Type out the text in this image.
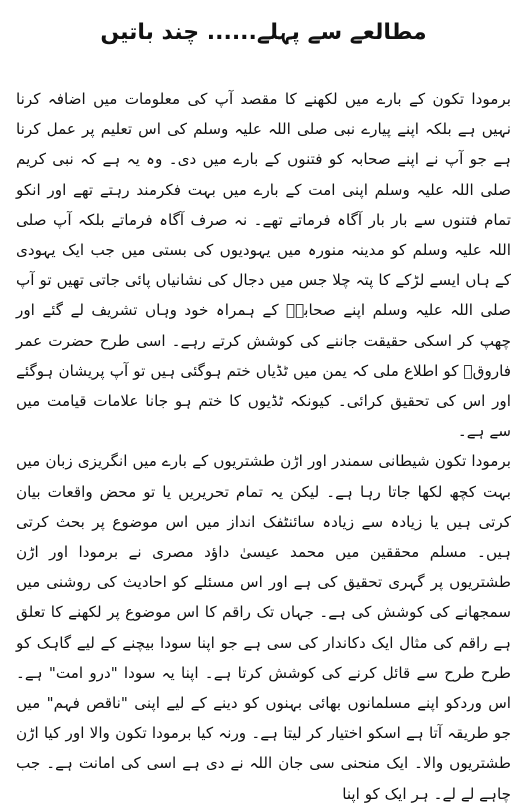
مطالعے سے پہلے...... چند باتیں

برمودا تکون کے بارے میں لکھنے کا مقصد آپ کی معلومات میں اضافہ کرنا نہیں ہے بلکہ اپنے پیارے نبی صلی اللہ علیہ وسلم کی اس تعلیم پر عمل کرنا ہے جو آپ نے اپنے صحابہ کو فتنوں کے بارے میں دی۔ وہ یہ ہے کہ نبی کریم صلی اللہ علیہ وسلم اپنی امت کے بارے میں بہت فکرمند رہتے تھے اور انکو تمام فتنوں سے بار بار آگاہ فرماتے تھے۔ نہ صرف آگاہ فرماتے بلکہ آپ صلی اللہ علیہ وسلم کو مدینہ منورہ میں یہودیوں کی بستی میں جب ایک یہودی کے ہاں ایسے لڑکے کا پتہ چلا جس میں دجال کی نشانیاں پائی جاتی تھیں تو آپ صلی اللہ علیہ وسلم اپنے صحابہؓ کے ہمراہ خود وہاں تشریف لے گئے اور چھپ کر اسکی حقیقت جاننے کی کوشش کرتے رہے۔ اسی طرح حضرت عمر فاروقؓ کو اطلاع ملی کہ یمن میں ٹڈیاں ختم ہوگئی ہیں تو آپ پریشان ہوگئے اور اس کی تحقیق کرائی۔ کیونکہ ٹڈیوں کا ختم ہو جانا علامات قیامت میں سے ہے۔

برمودا تکون شیطانی سمندر اور اڑن طشتریوں کے بارے میں انگریزی زبان میں بہت کچھ لکھا جاتا رہا ہے۔ لیکن یہ تمام تحریریں یا تو محض واقعات بیان کرتی ہیں یا زیادہ سے زیادہ سائنٹفک انداز میں اس موضوع پر بحث کرتی ہیں۔ مسلم محققین میں محمد عیسیٰ داؤد مصری نے برمودا اور اڑن طشتریوں پر گہری تحقیق کی ہے اور اس مسئلے کو احادیث کی روشنی میں سمجھانے کی کوشش کی ہے۔ جہاں تک راقم کا اس موضوع پر لکھنے کا تعلق ہے راقم کی مثال ایک دکاندار کی سی ہے جو اپنا سودا بیچنے کے لیے گاہک کو طرح طرح سے قائل کرنے کی کوشش کرتا ہے۔ اپنا یہ سودا "درو امت" ہے۔ اس وردکو اپنے مسلمانوں بھائی بہنوں کو دینے کے لیے اپنی "ناقص فہم" میں جو طریقہ آتا ہے اسکو اختیار کر لیتا ہے۔ ورنہ کیا برمودا تکون والا اور کیا اڑن طشتریوں والا۔ ایک منحنی سی جان اللہ نے دی ہے اسی کی امانت ہے۔ جب چاہے لے لے۔ ہر ایک کو اپنا
